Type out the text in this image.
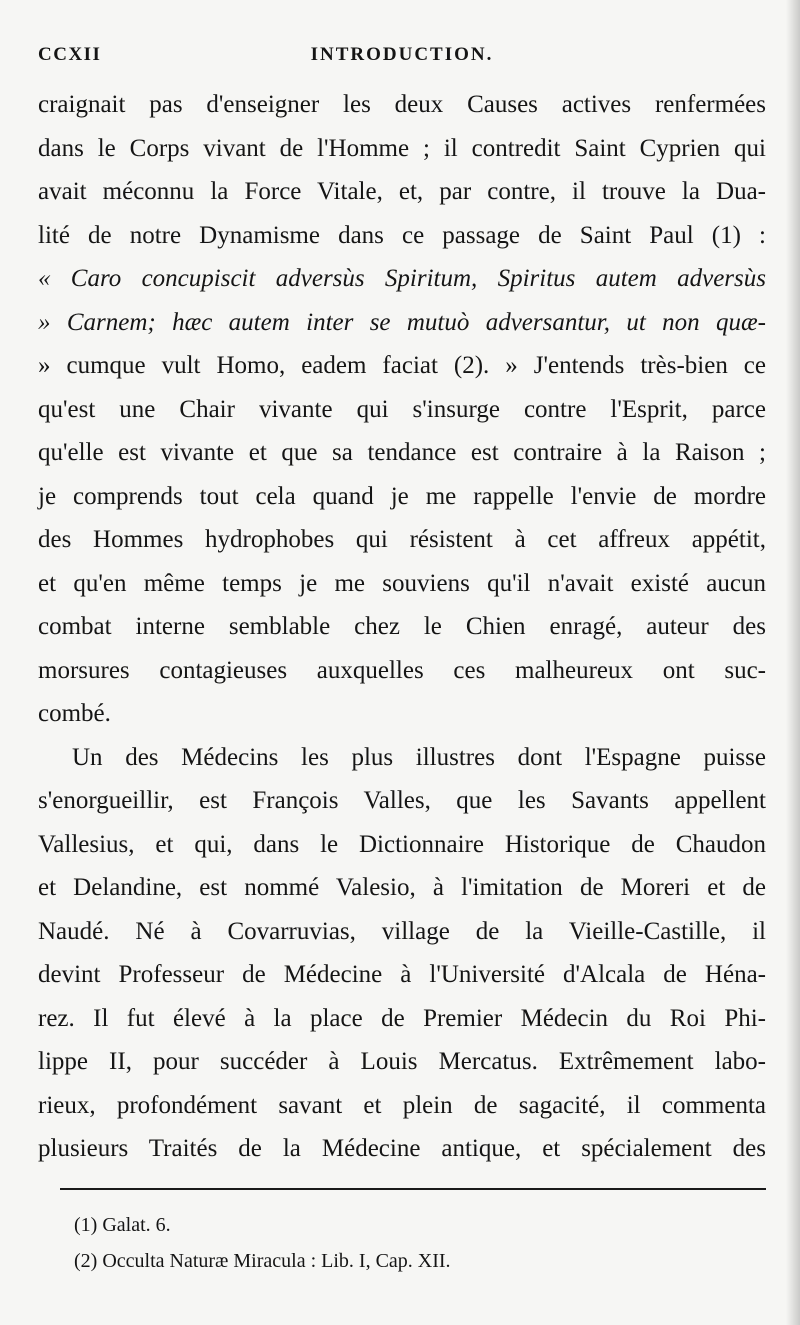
CCXII	INTRODUCTION.
craignait pas d'enseigner les deux Causes actives renfermées
dans le Corps vivant de l'Homme ; il contredit Saint Cyprien qui
avait méconnu la Force Vitale, et, par contre, il trouve la Dua-
lité de notre Dynamisme dans ce passage de Saint Paul (1) :
« Caro concupiscit adversùs Spiritum, Spiritus autem adversùs
» Carnem; hæc autem inter se mutuò adversantur, ut non quæ-
» cumque vult Homo, eadem faciat (2). » J'entends très-bien ce
qu'est une Chair vivante qui s'insurge contre l'Esprit, parce
qu'elle est vivante et que sa tendance est contraire à la Raison ;
je comprends tout cela quand je me rappelle l'envie de mordre
des Hommes hydrophobes qui résistent à cet affreux appétit,
et qu'en même temps je me souviens qu'il n'avait existé aucun
combat interne semblable chez le Chien enragé, auteur des
morsures contagieuses auxquelles ces malheureux ont suc-
combé.
Un des Médecins les plus illustres dont l'Espagne puisse
s'enorgueillir, est François Valles, que les Savants appellent
Vallesius, et qui, dans le Dictionnaire Historique de Chaudon
et Delandine, est nommé Valesio, à l'imitation de Moreri et de
Naudé. Né à Covarruvias, village de la Vieille-Castille, il
devint Professeur de Médecine à l'Université d'Alcala de Héna-
rez. Il fut élevé à la place de Premier Médecin du Roi Phi-
lippe II, pour succéder à Louis Mercatus. Extrêmement labo-
rieux, profondément savant et plein de sagacité, il commenta
plusieurs Traités de la Médecine antique, et spécialement des
(1) Galat. 6.
(2) Occulta Naturæ Miracula : Lib. I, Cap. XII.
